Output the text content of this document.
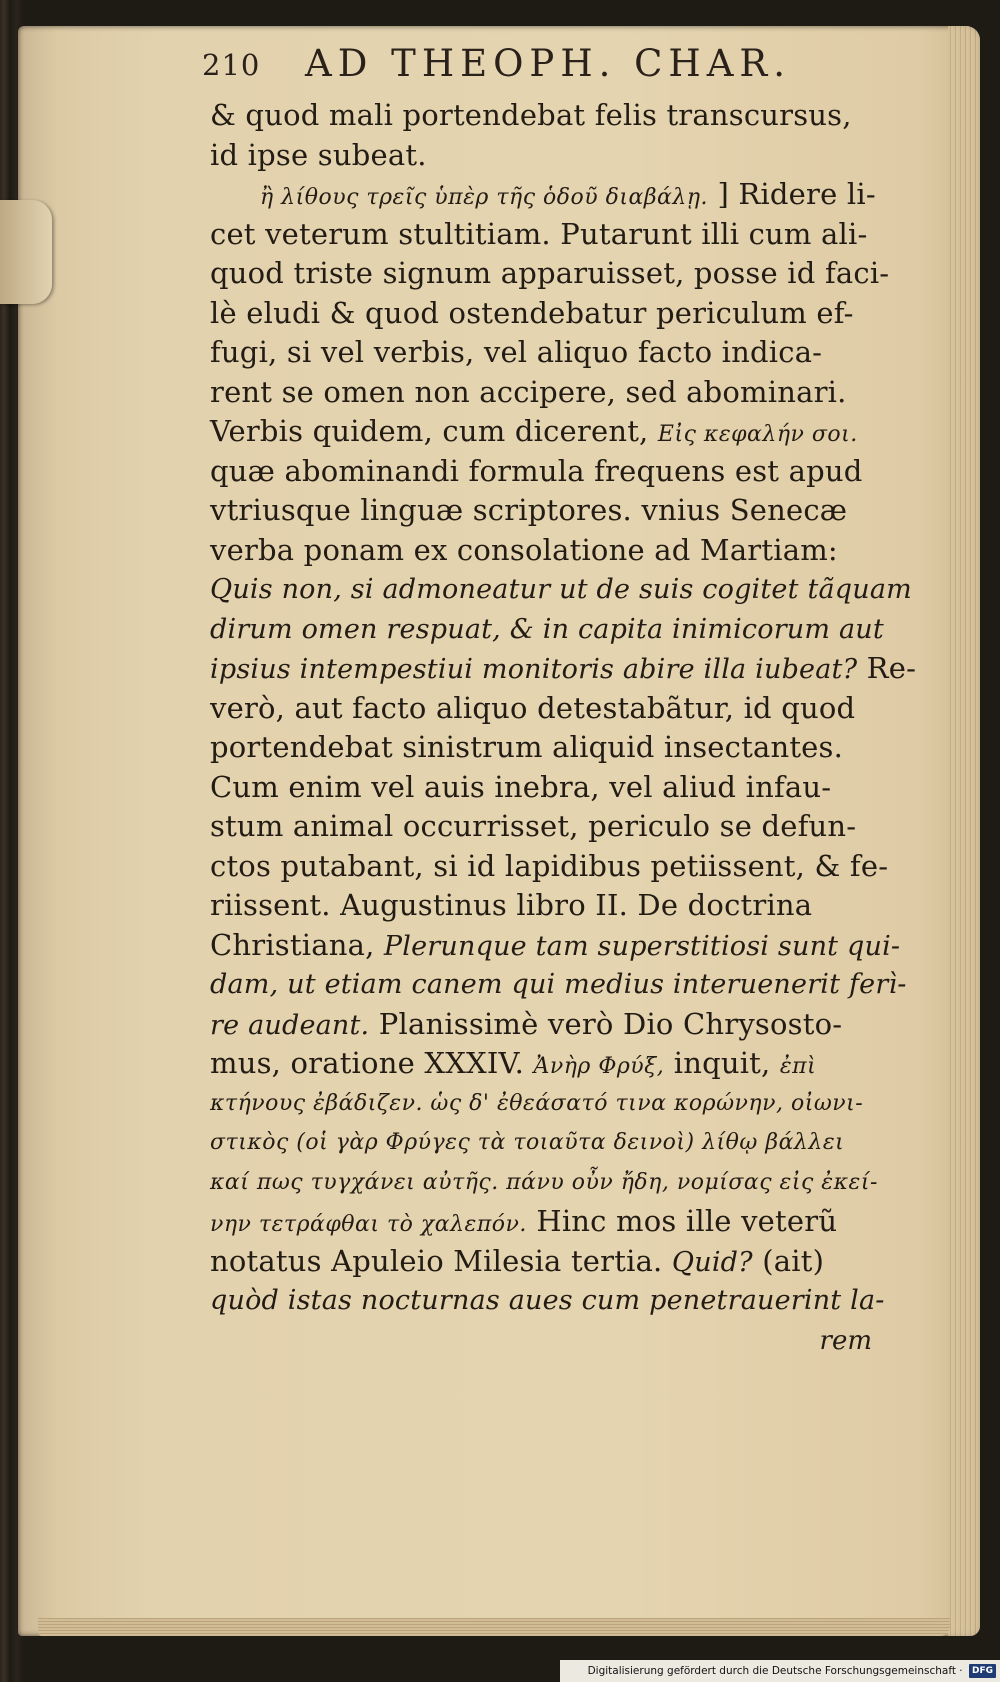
210 AD THEOPH. CHAR.
& quod mali portendebat felis transcursus,
id ipse subeat.
ἢ λίθους τρεῖς ὑπὲρ τῆς ὁδοῦ διαβάλῃ. ] Ridere li-
cet veterum stultitiam. Putarunt illi cum ali-
quod triste signum apparuisset, posse id faci-
lè eludi & quod ostendebatur periculum ef-
fugi, si vel verbis, vel aliquo facto indica-
rent se omen non accipere, sed abominari.
Verbis quidem, cum dicerent, Εἰς κεφαλήν σοι.
quæ abominandi formula frequens est apud
vtriusque linguæ scriptores. vnius Senecæ
verba ponam ex consolatione ad Martiam:
Quis non, si admoneatur ut de suis cogitet tãquam
dirum omen respuat, & in capita inimicorum aut
ipsius intempestiui monitoris abire illa iubeat? Re-
verò, aut facto aliquo detestabãtur, id quod
portendebat sinistrum aliquid insectantes.
Cum enim vel auis inebra, vel aliud infau-
stum animal occurrisset, periculo se defun-
ctos putabant, si id lapidibus petiissent, & fe-
riissent. Augustinus libro II. De doctrina
Christiana, Plerunque tam superstitiosi sunt qui-
dam, ut etiam canem qui medius interuenerit ferì-
re audeant. Planissimè verò Dio Chrysosto-
mus, oratione XXXIV. Ἀνὴρ Φρύξ, inquit, ἐπὶ
κτήνους ἐβάδιζεν. ὡς δ' ἐθεάσατό τινα κορώνην, οἰωνι-
στικὸς (οἱ γὰρ Φρύγες τὰ τοιαῦτα δεινοὶ) λίθῳ βάλλει
καί πως τυγχάνει αὐτῆς. πάνυ οὖν ἤδη, νομίσας εἰς ἐκεί-
νην τετράφθαι τὸ χαλεπόν. Hinc mos ille veterũ
notatus Apuleio Milesia tertia. Quid? (ait)
quòd istas nocturnas aues cum penetrauerint la-
rem
Digitalisierung gefördert durch die Deutsche Forschungsgemeinschaft · DFG
